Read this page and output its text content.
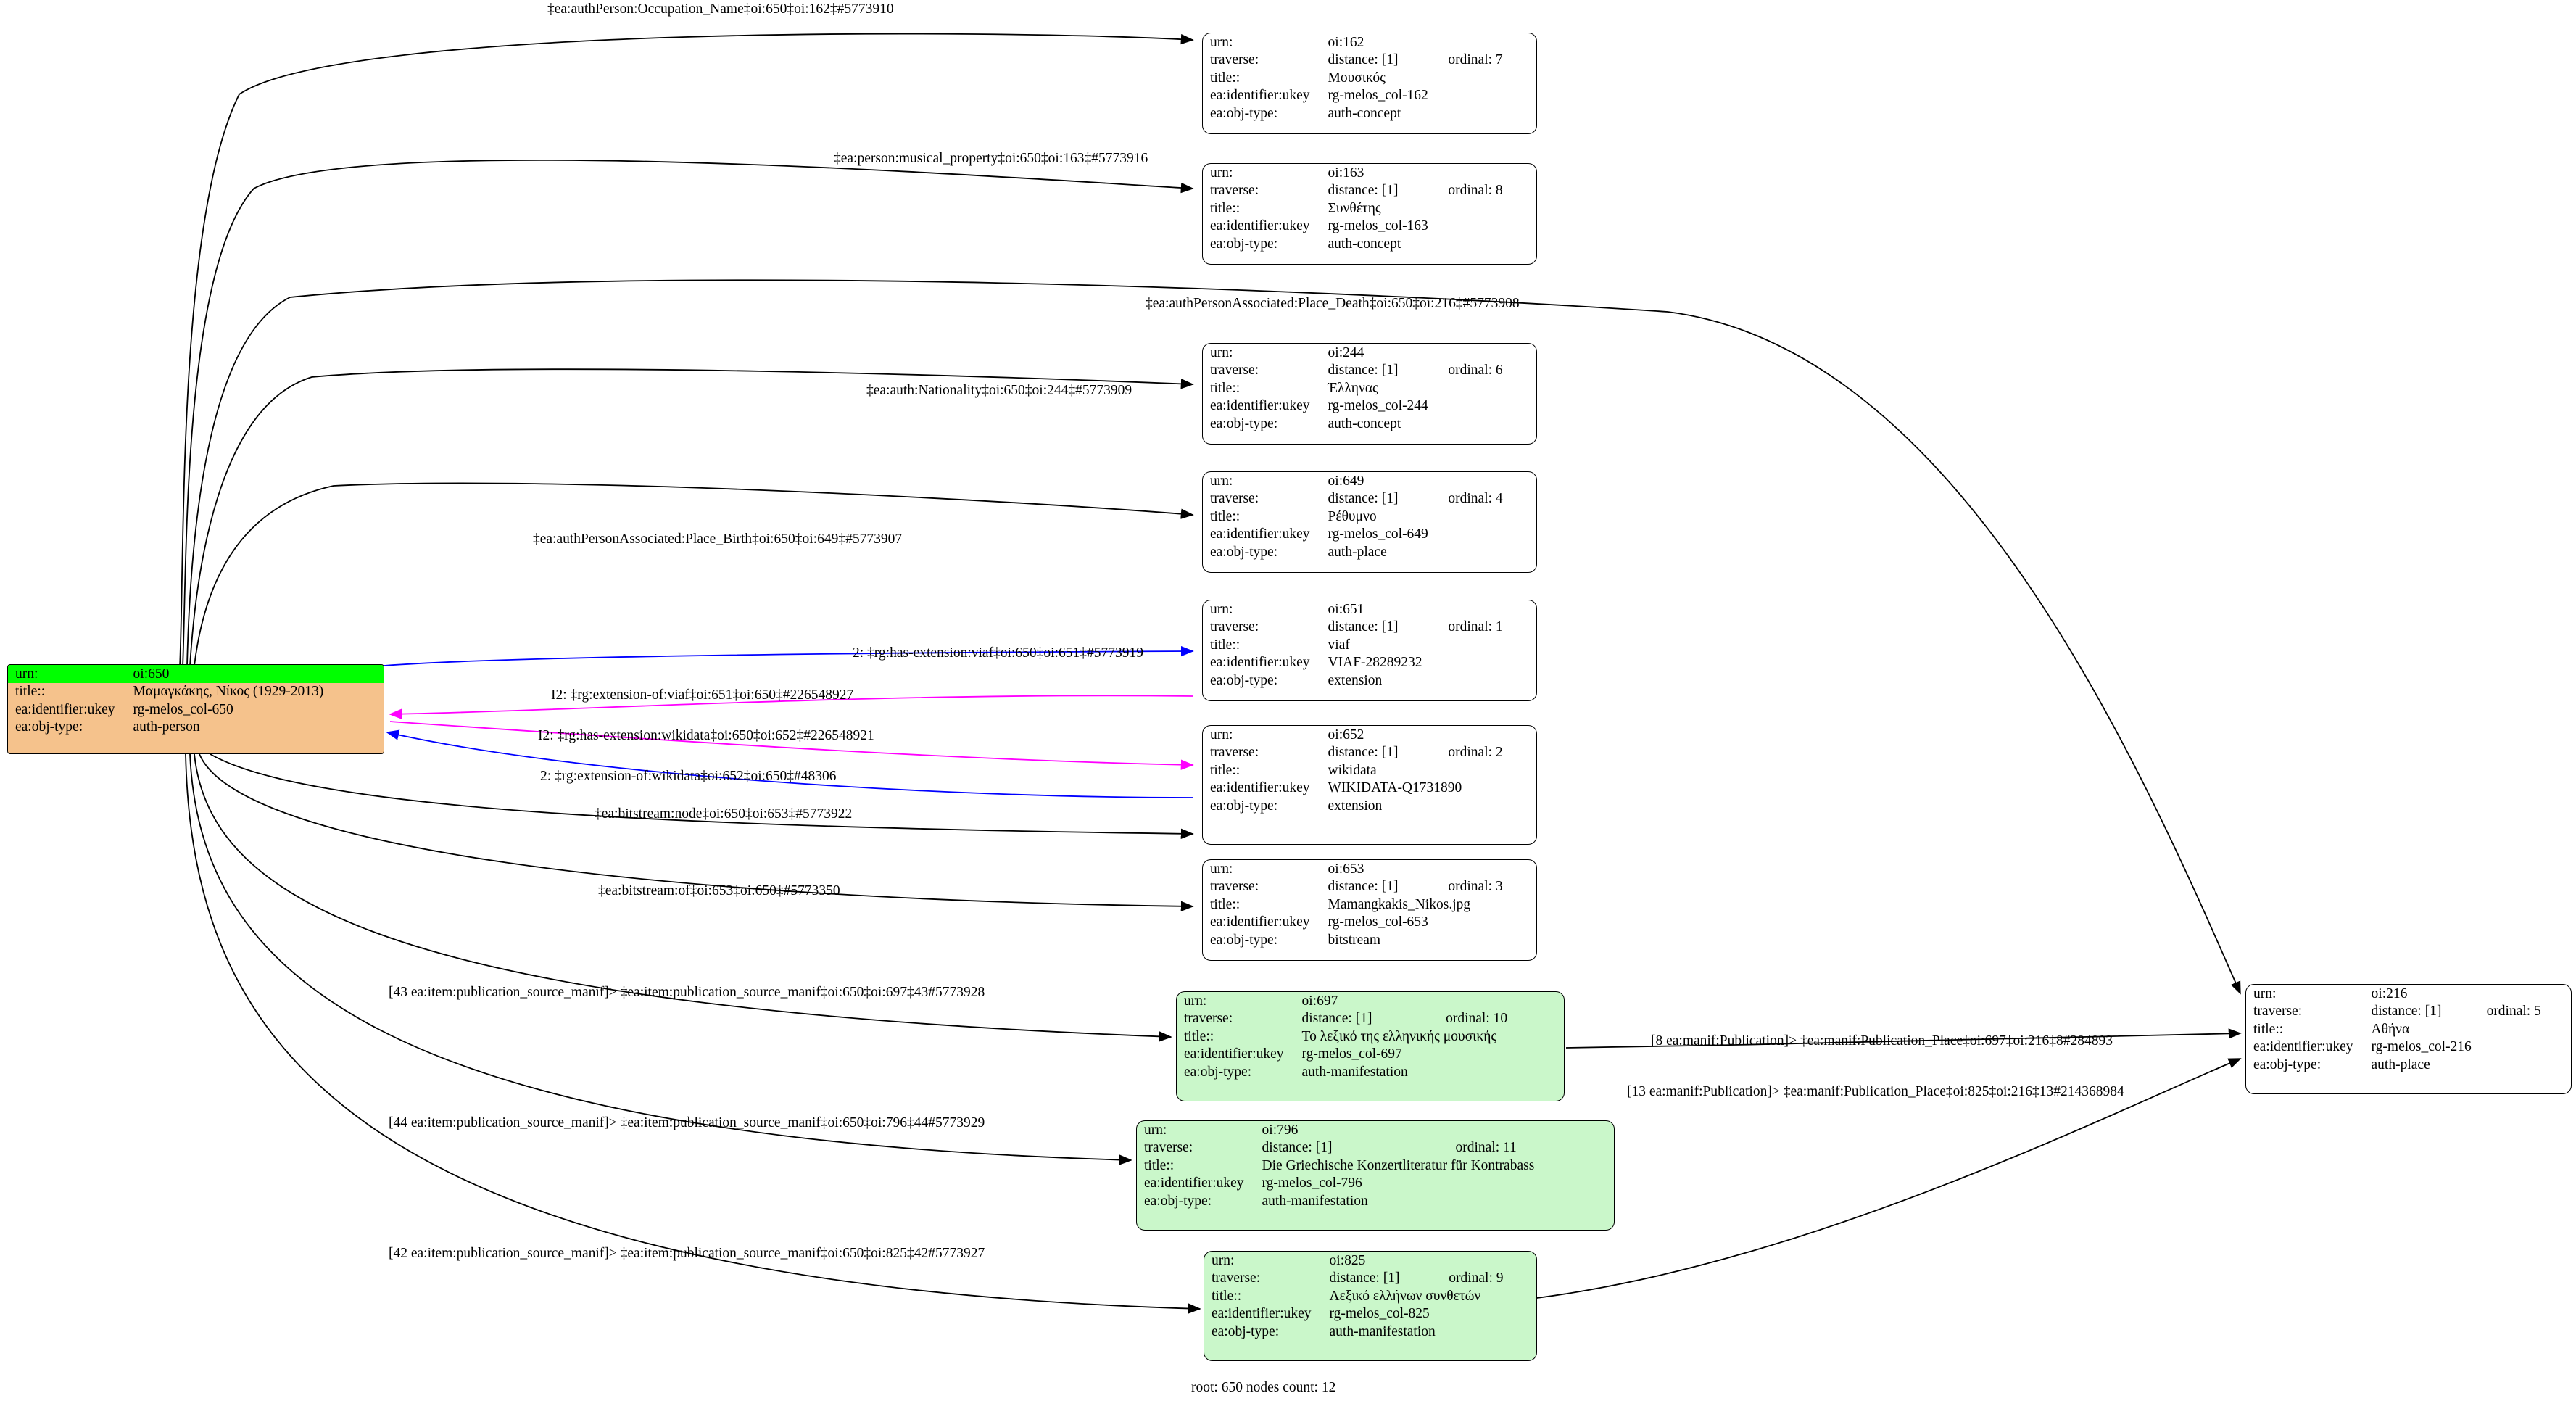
urn:	oi:650
title::	Μαμαγκάκης, Νίκος (1929-2013)
ea:identifier:ukey	rg-melos_col-650
ea:obj-type:	auth-person
urn:	oi:162	
traverse:	distance: [1]	ordinal: 7
title::	Μουσικός	
ea:identifier:ukey	rg-melos_col-162	
ea:obj-type:	auth-concept	
urn:	oi:163	
traverse:	distance: [1]	ordinal: 8
title::	Συνθέτης	
ea:identifier:ukey	rg-melos_col-163	
ea:obj-type:	auth-concept	
urn:	oi:244	
traverse:	distance: [1]	ordinal: 6
title::	Έλληνας	
ea:identifier:ukey	rg-melos_col-244	
ea:obj-type:	auth-concept	
urn:	oi:649	
traverse:	distance: [1]	ordinal: 4
title::	Ρέθυμνο	
ea:identifier:ukey	rg-melos_col-649	
ea:obj-type:	auth-place	
urn:	oi:651	
traverse:	distance: [1]	ordinal: 1
title::	viaf	
ea:identifier:ukey	VIAF-28289232	
ea:obj-type:	extension	
urn:	oi:652	
traverse:	distance: [1]	ordinal: 2
title::	wikidata	
ea:identifier:ukey	WIKIDATA-Q1731890	
ea:obj-type:	extension	
urn:	oi:653	
traverse:	distance: [1]	ordinal: 3
title::	Mamangkakis_Nikos.jpg	
ea:identifier:ukey	rg-melos_col-653	
ea:obj-type:	bitstream	
urn:	oi:697	
traverse:	distance: [1]	ordinal: 10
title::	Το λεξικό της ελληνικής μουσικής	
ea:identifier:ukey	rg-melos_col-697	
ea:obj-type:	auth-manifestation	
urn:	oi:796	
traverse:	distance: [1]	ordinal: 11
title::	Die Griechische Konzertliteratur für Kontrabass	
ea:identifier:ukey	rg-melos_col-796	
ea:obj-type:	auth-manifestation	
urn:	oi:825	
traverse:	distance: [1]	ordinal: 9
title::	Λεξικό ελλήνων συνθετών	
ea:identifier:ukey	rg-melos_col-825	
ea:obj-type:	auth-manifestation	
urn:	oi:216	
traverse:	distance: [1]	ordinal: 5
title::	Αθήνα	
ea:identifier:ukey	rg-melos_col-216	
ea:obj-type:	auth-place	
‡ea:authPerson:Occupation_Name‡oi:650‡oi:162‡#5773910
‡ea:person:musical_property‡oi:650‡oi:163‡#5773916
‡ea:authPersonAssociated:Place_Death‡oi:650‡oi:216‡#5773908
‡ea:auth:Nationality‡oi:650‡oi:244‡#5773909
‡ea:authPersonAssociated:Place_Birth‡oi:650‡oi:649‡#5773907
2: ‡rg:has-extension:viaf‡oi:650‡oi:651‡#5773919
I2: ‡rg:extension-of:viaf‡oi:651‡oi:650‡#226548927
I2: ‡rg:has-extension:wikidata‡oi:650‡oi:652‡#226548921
2: ‡rg:extension-of:wikidata‡oi:652‡oi:650‡#48306
‡ea:bitstream:node‡oi:650‡oi:653‡#5773922
‡ea:bitstream:of‡oi:653‡oi:650‡#5773350
[43 ea:item:publication_source_manif]> ‡ea:item:publication_source_manif‡oi:650‡oi:697‡43#5773928
[44 ea:item:publication_source_manif]> ‡ea:item:publication_source_manif‡oi:650‡oi:796‡44#5773929
[42 ea:item:publication_source_manif]> ‡ea:item:publication_source_manif‡oi:650‡oi:825‡42#5773927
[8 ea:manif:Publication]> ‡ea:manif:Publication_Place‡oi:697‡oi:216‡8#284893
[13 ea:manif:Publication]> ‡ea:manif:Publication_Place‡oi:825‡oi:216‡13#214368984
root: 650 nodes count: 12
